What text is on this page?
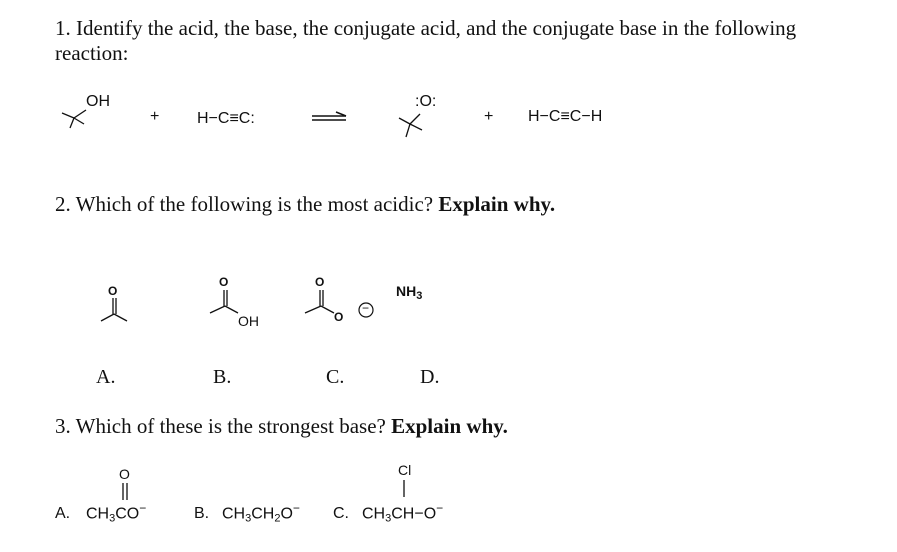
1. Identify the acid, the base, the conjugate acid, and the conjugate base in the following reaction:
OH
+ H−C≡C:
:O:
+ H−C≡C−H
2. Which of the following is the most acidic? Explain why.
O
O
OH
O
O
−
$NH_3$
A.	B.	C.	D.
3. Which of these is the strongest base? Explain why.
O
A. $CH_3CO^-$	B. $CH_3CH_2O^-$
Cl
C. $CH_3CH-O^-$
